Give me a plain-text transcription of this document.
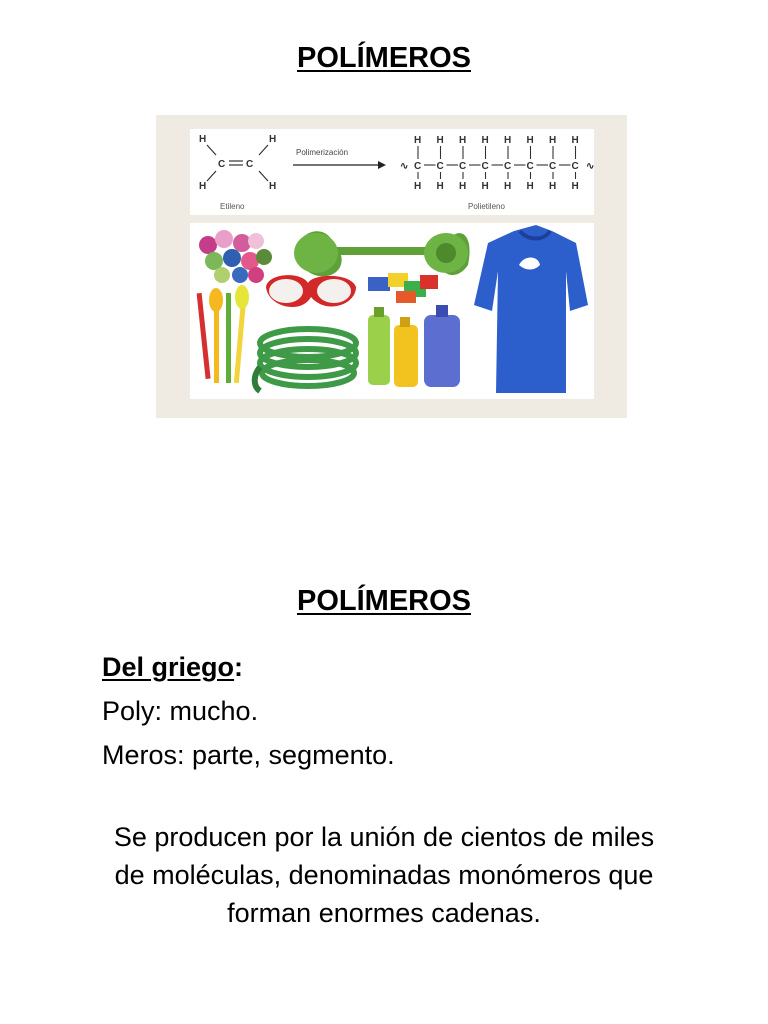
POLÍMEROS
H	H
H	H
C C
Etileno
Polimerización
∿
H
H
C
H
H
C
H
H
C
H
H
C
H
H
C
H
H
C
H
H
C
H
H
C ∿
Polietileno
POLÍMEROS
Del griego:
Poly: mucho.
Meros: parte, segmento.
Se producen por la unión de cientos de miles de moléculas, denominadas monómeros que forman enormes cadenas.
